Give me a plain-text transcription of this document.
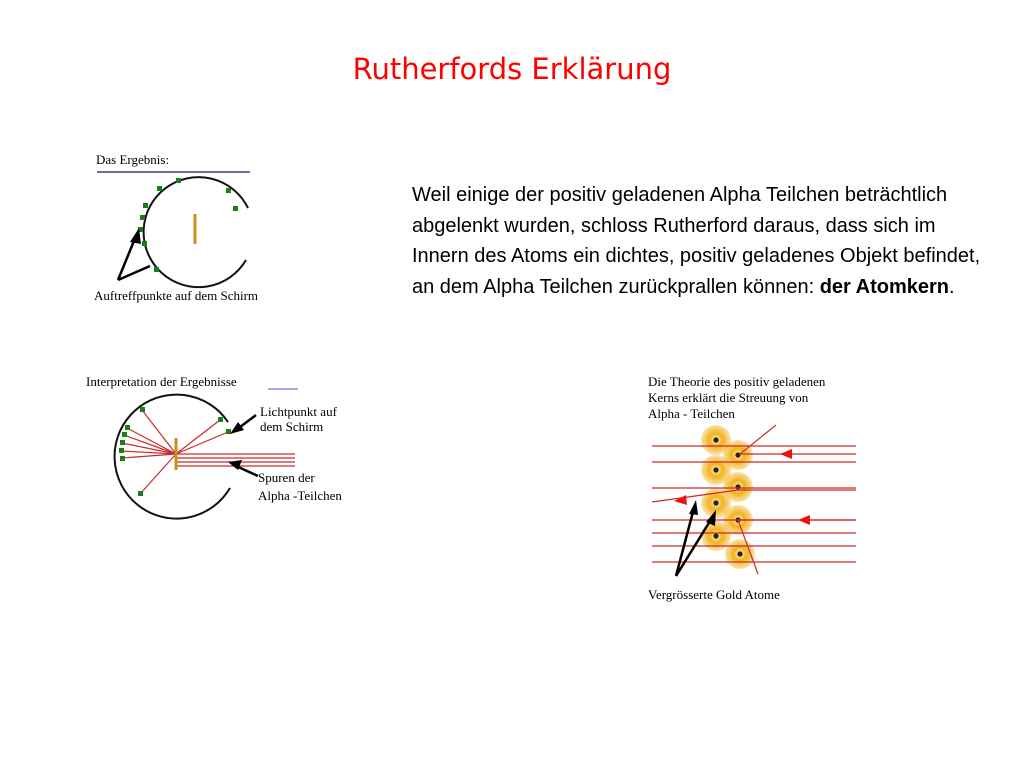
Rutherfords Erklärung
Weil einige der positiv geladenen Alpha Teilchen beträchtlich abgelenkt wurden, schloss Rutherford daraus, dass sich im Innern des Atoms ein dichtes, positiv geladenes Objekt befindet, an dem Alpha Teilchen zurückprallen können: der Atomkern.
Das Ergebnis:
Auftreffpunkte auf dem Schirm
Interpretation der Ergebnisse
Lichtpunkt auf
dem Schirm
Spuren der
Alpha -Teilchen
Die Theorie des positiv geladenen
Kerns erklärt die Streuung von
Alpha - Teilchen
Vergrösserte Gold Atome
